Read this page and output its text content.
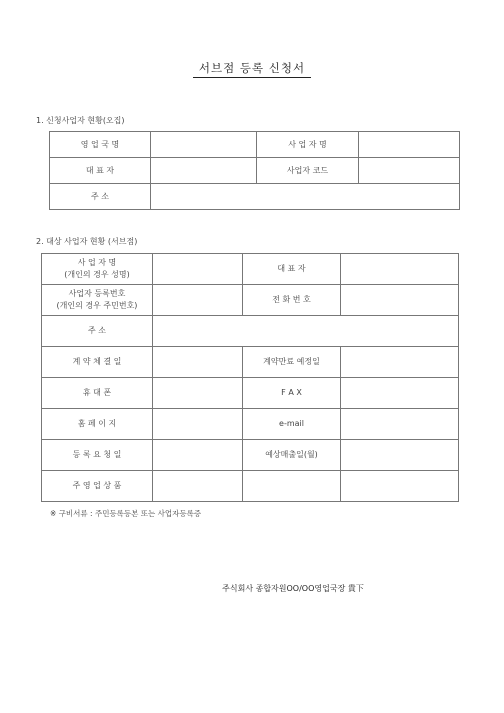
서브점 등록 신청서
1. 신청사업자 현황(오집)
영 업 국 명		사 업 자 명	
대 표 자		사업자 코드	
주 소			
2. 대상 사업자 현황 (서브점)
사 업 자 명
(개인의 경우 성명)		대 표 자	

사업자 등록번호
(개인의 경우 주민번호)		전 화 번 호	
주 소			
계 약 체 결 일		계약만료 예정일	
휴 대 폰		F A X	
홈 페 이 지		e-mail	
등 록 요 청 일		예상매출일(월)	
주 영 업 상 품			
※ 구비서류 : 주민등록등본 또는 사업자등록증
주식회사 종합자원OO/OO영업국장 貴下
